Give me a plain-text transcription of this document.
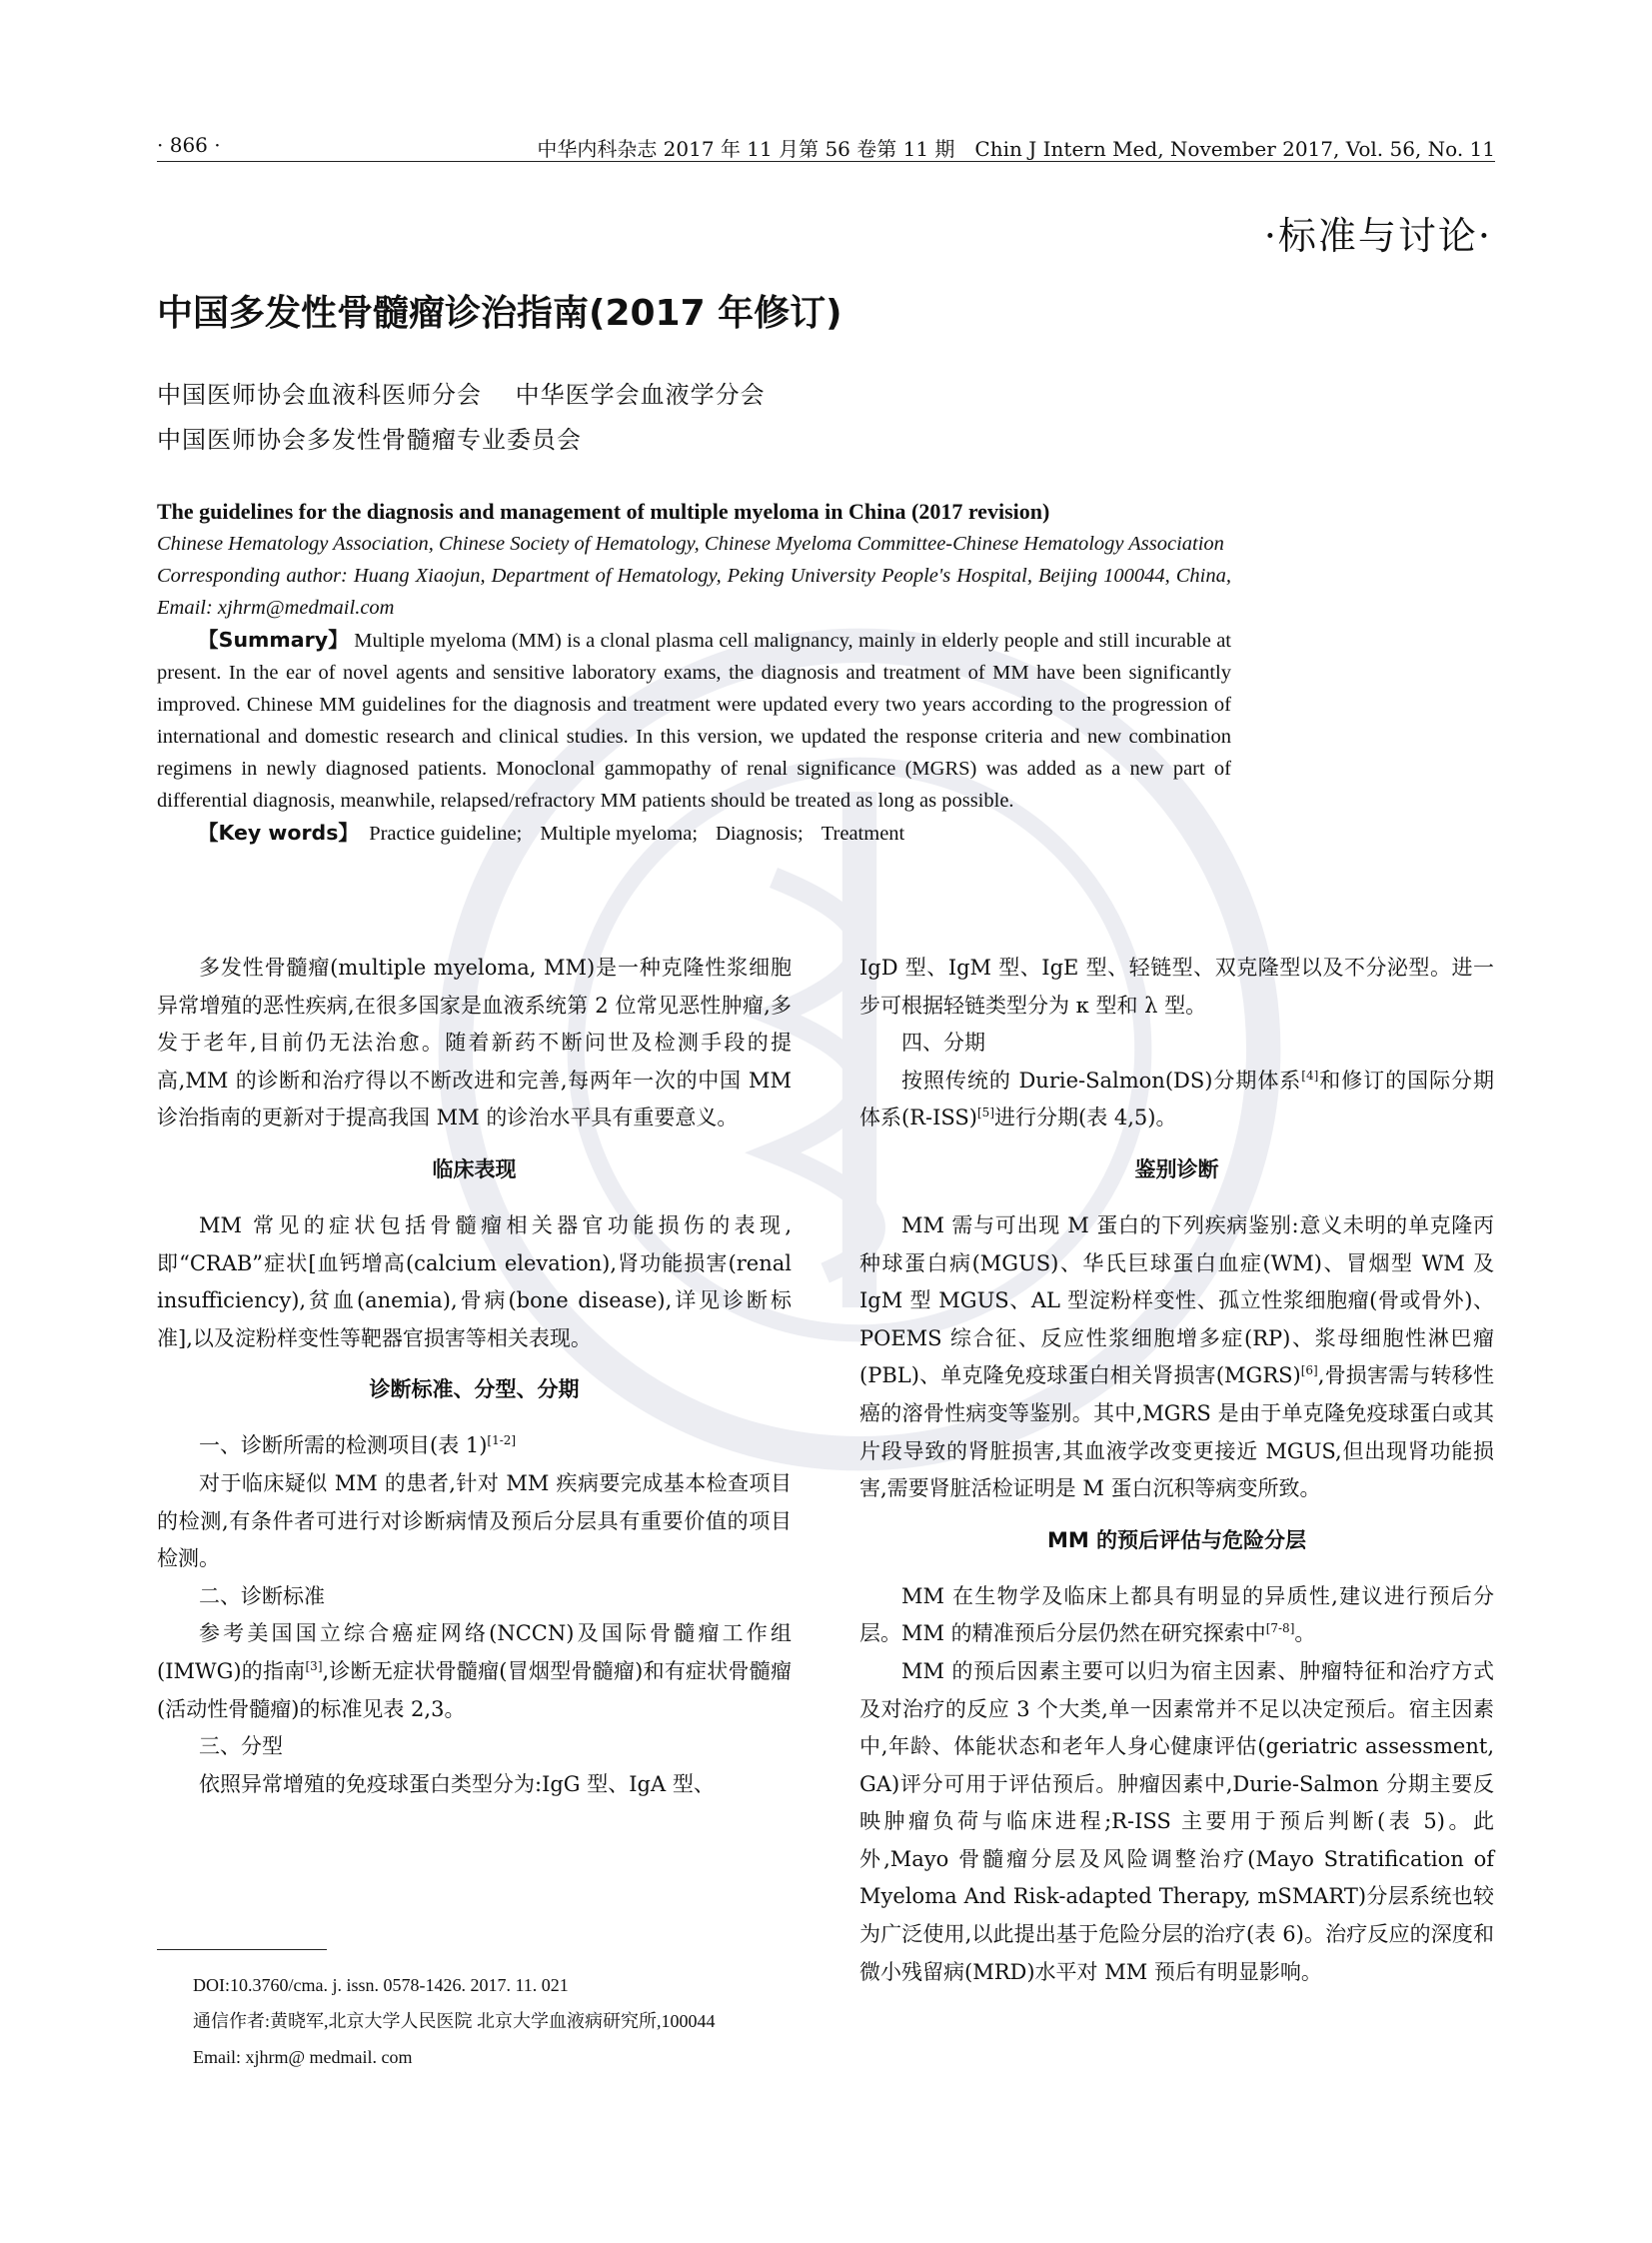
· 866 ·	中华内科杂志 2017 年 11 月第 56 卷第 11 期　Chin J Intern Med, November 2017, Vol. 56, No. 11
·标准与讨论·
中国多发性骨髓瘤诊治指南(2017 年修订)
中国医师协会血液科医师分会　 中华医学会血液学分会
中国医师协会多发性骨髓瘤专业委员会
The guidelines for the diagnosis and management of multiple myeloma in China (2017 revision)
Chinese Hematology Association, Chinese Society of Hematology, Chinese Myeloma Committee-Chinese Hematology Association
Corresponding author: Huang Xiaojun, Department of Hematology, Peking University People's Hospital, Beijing 100044, China, Email: xjhrm@medmail.com
【Summary】 Multiple myeloma (MM) is a clonal plasma cell malignancy, mainly in elderly people and still incurable at present. In the ear of novel agents and sensitive laboratory exams, the diagnosis and treatment of MM have been significantly improved. Chinese MM guidelines for the diagnosis and treatment were updated every two years according to the progression of international and domestic research and clinical studies. In this version, we updated the response criteria and new combination regimens in newly diagnosed patients. Monoclonal gammopathy of renal significance (MGRS) was added as a new part of differential diagnosis, meanwhile, relapsed/refractory MM patients should be treated as long as possible.
【Key words】 Practice guideline; Multiple myeloma; Diagnosis; Treatment

多发性骨髓瘤(multiple myeloma, MM)是一种克隆性浆细胞异常增殖的恶性疾病,在很多国家是血液系统第 2 位常见恶性肿瘤,多发于老年,目前仍无法治愈。随着新药不断问世及检测手段的提高,MM 的诊断和治疗得以不断改进和完善,每两年一次的中国 MM 诊治指南的更新对于提高我国 MM 的诊治水平具有重要意义。

临床表现

MM 常见的症状包括骨髓瘤相关器官功能损伤的表现,即“CRAB”症状[血钙增高(calcium elevation),肾功能损害(renal insufficiency),贫血(anemia),骨病(bone disease),详见诊断标准],以及淀粉样变性等靶器官损害等相关表现。

诊断标准、分型、分期

一、诊断所需的检测项目(表 1)[1-2]

对于临床疑似 MM 的患者,针对 MM 疾病要完成基本检查项目的检测,有条件者可进行对诊断病情及预后分层具有重要价值的项目检测。

二、诊断标准

参考美国国立综合癌症网络(NCCN)及国际骨髓瘤工作组(IMWG)的指南[3],诊断无症状骨髓瘤(冒烟型骨髓瘤)和有症状骨髓瘤(活动性骨髓瘤)的标准见表 2,3。

三、分型

依照异常增殖的免疫球蛋白类型分为:IgG 型、IgA 型、

IgD 型、IgM 型、IgE 型、轻链型、双克隆型以及不分泌型。进一步可根据轻链类型分为 κ 型和 λ 型。

四、分期

按照传统的 Durie-Salmon(DS)分期体系[4]和修订的国际分期体系(R-ISS)[5]进行分期(表 4,5)。

鉴别诊断

MM 需与可出现 M 蛋白的下列疾病鉴别:意义未明的单克隆丙种球蛋白病(MGUS)、华氏巨球蛋白血症(WM)、冒烟型 WM 及 IgM 型 MGUS、AL 型淀粉样变性、孤立性浆细胞瘤(骨或骨外)、POEMS 综合征、反应性浆细胞增多症(RP)、浆母细胞性淋巴瘤(PBL)、单克隆免疫球蛋白相关肾损害(MGRS)[6],骨损害需与转移性癌的溶骨性病变等鉴别。其中,MGRS 是由于单克隆免疫球蛋白或其片段导致的肾脏损害,其血液学改变更接近 MGUS,但出现肾功能损害,需要肾脏活检证明是 M 蛋白沉积等病变所致。

MM 的预后评估与危险分层

MM 在生物学及临床上都具有明显的异质性,建议进行预后分层。MM 的精准预后分层仍然在研究探索中[7-8]。

MM 的预后因素主要可以归为宿主因素、肿瘤特征和治疗方式及对治疗的反应 3 个大类,单一因素常并不足以决定预后。宿主因素中,年龄、体能状态和老年人身心健康评估(geriatric assessment, GA)评分可用于评估预后。肿瘤因素中,Durie-Salmon 分期主要反映肿瘤负荷与临床进程;R-ISS 主要用于预后判断(表 5)。此外,Mayo 骨髓瘤分层及风险调整治疗(Mayo Stratification of Myeloma And Risk-adapted Therapy, mSMART)分层系统也较为广泛使用,以此提出基于危险分层的治疗(表 6)。治疗反应的深度和微小残留病(MRD)水平对 MM 预后有明显影响。

DOI:10.3760/cma. j. issn. 0578-1426. 2017. 11. 021

通信作者:黄晓军,北京大学人民医院 北京大学血液病研究所,100044

Email: xjhrm@ medmail. com
